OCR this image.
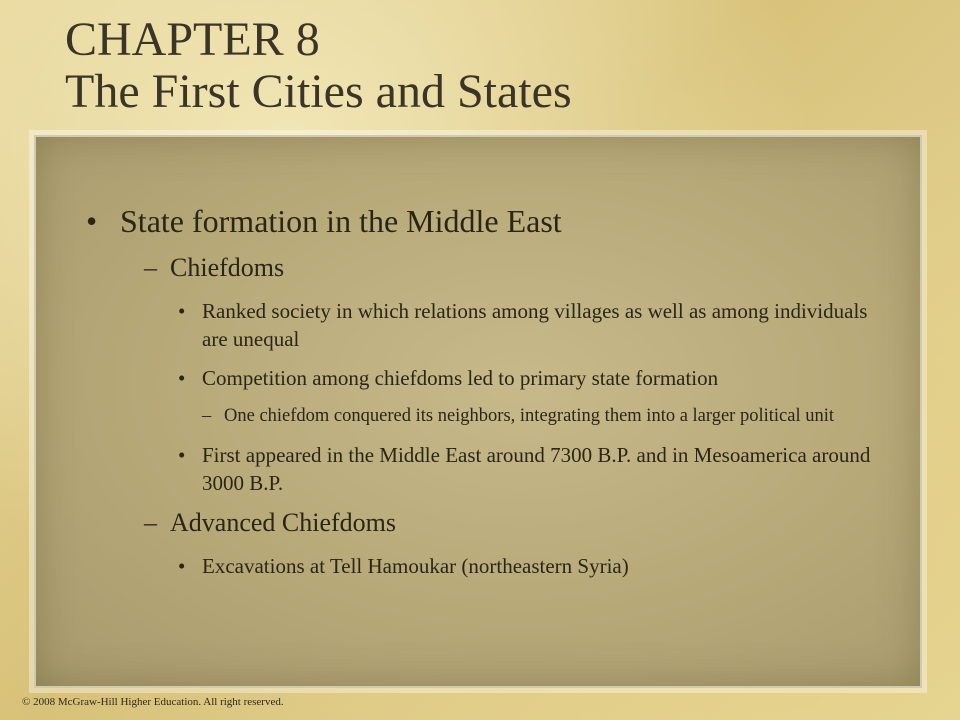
CHAPTER 8
The First Cities and States
• State formation in the Middle East
– Chiefdoms
• Ranked society in which relations among villages as well as among individuals are unequal
• Competition among chiefdoms led to primary state formation
– One chiefdom conquered its neighbors, integrating them into a larger political unit
• First appeared in the Middle East around 7300 B.P. and in Mesoamerica around 3000 B.P.
– Advanced Chiefdoms
• Excavations at Tell Hamoukar (northeastern Syria)
© 2008 McGraw-Hill Higher Education. All right reserved.
